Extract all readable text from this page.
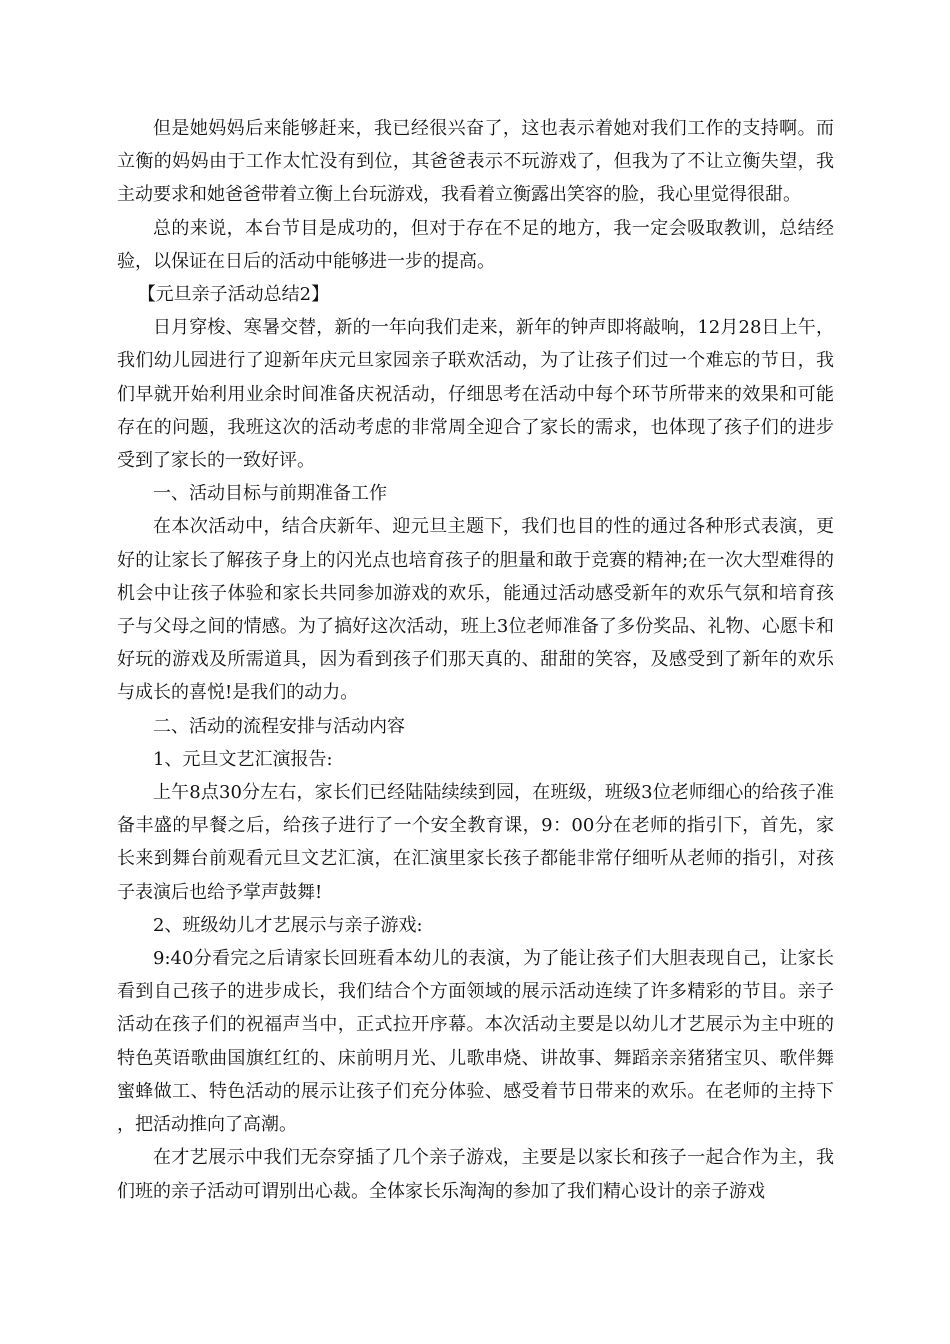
但是她妈妈后来能够赶来，我已经很兴奋了，这也表示着她对我们工作的支持啊。而立衡的妈妈由于工作太忙没有到位，其爸爸表示不玩游戏了，但我为了不让立衡失望，我主动要求和她爸爸带着立衡上台玩游戏，我看着立衡露出笑容的脸，我心里觉得很甜。

总的来说，本台节目是成功的，但对于存在不足的地方，我一定会吸取教训，总结经验，以保证在日后的活动中能够进一步的提高。

【元旦亲子活动总结2】

日月穿梭、寒暑交替，新的一年向我们走来，新年的钟声即将敲响，12月28日上午，我们幼儿园进行了迎新年庆元旦家园亲子联欢活动，为了让孩子们过一个难忘的节日，我们早就开始利用业余时间准备庆祝活动，仔细思考在活动中每个环节所带来的效果和可能存在的问题，我班这次的活动考虑的非常周全迎合了家长的需求，也体现了孩子们的进步受到了家长的一致好评。

一、活动目标与前期准备工作

在本次活动中，结合庆新年、迎元旦主题下，我们也目的性的通过各种形式表演，更好的让家长了解孩子身上的闪光点也培育孩子的胆量和敢于竞赛的精神;在一次大型难得的机会中让孩子体验和家长共同参加游戏的欢乐，能通过活动感受新年的欢乐气氛和培育孩子与父母之间的情感。为了搞好这次活动，班上3位老师准备了多份奖品、礼物、心愿卡和好玩的游戏及所需道具，因为看到孩子们那天真的、甜甜的笑容，及感受到了新年的欢乐与成长的喜悦!是我们的动力。

二、活动的流程安排与活动内容

1、元旦文艺汇演报告:

上午8点30分左右，家长们已经陆陆续续到园，在班级，班级3位老师细心的给孩子准备丰盛的早餐之后，给孩子进行了一个安全教育课，9：00分在老师的指引下，首先，家长来到舞台前观看元旦文艺汇演，在汇演里家长孩子都能非常仔细听从老师的指引，对孩子表演后也给予掌声鼓舞!

2、班级幼儿才艺展示与亲子游戏:

9:40分看完之后请家长回班看本幼儿的表演，为了能让孩子们大胆表现自己，让家长看到自己孩子的进步成长，我们结合个方面领域的展示活动连续了许多精彩的节目。亲子活动在孩子们的祝福声当中，正式拉开序幕。本次活动主要是以幼儿才艺展示为主中班的特色英语歌曲国旗红红的、床前明月光、儿歌串烧、讲故事、舞蹈亲亲猪猪宝贝、歌伴舞蜜蜂做工、特色活动的展示让孩子们充分体验、感受着节日带来的欢乐。在老师的主持下，把活动推向了高潮。

在才艺展示中我们无奈穿插了几个亲子游戏，主要是以家长和孩子一起合作为主，我们班的亲子活动可谓别出心裁。全体家长乐淘淘的参加了我们精心设计的亲子游戏
